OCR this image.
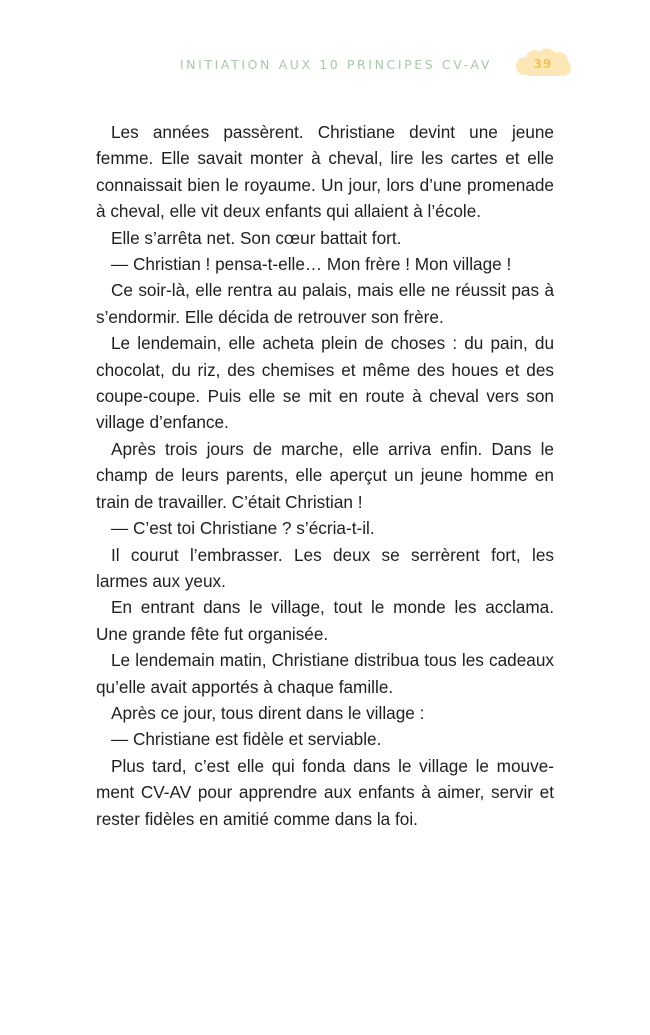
INITIATION AUX 10 PRINCIPES CV-AV	39

Les années passèrent. Christiane devint une jeune femme. Elle savait monter à cheval, lire les cartes et elle connaissait bien le royaume. Un jour, lors d’une promenade à cheval, elle vit deux enfants qui allaient à l’école.

Elle s’arrêta net. Son cœur battait fort.

— Christian ! pensa-t-elle… Mon frère ! Mon village !

Ce soir-là, elle rentra au palais, mais elle ne réussit pas à s’endormir. Elle décida de retrouver son frère.

Le lendemain, elle acheta plein de choses : du pain, du chocolat, du riz, des chemises et même des houes et des coupe-coupe. Puis elle se mit en route à cheval vers son village d’enfance.

Après trois jours de marche, elle arriva enfin. Dans le champ de leurs parents, elle aperçut un jeune homme en train de travailler. C’était Christian !

— C’est toi Christiane ? s’écria-t-il.

Il courut l’embrasser. Les deux se serrèrent fort, les larmes aux yeux.

En entrant dans le village, tout le monde les acclama. Une grande fête fut organisée.

Le lendemain matin, Christiane distribua tous les cadeaux qu’elle avait apportés à chaque famille.

Après ce jour, tous dirent dans le village :

— Christiane est fidèle et serviable.

Plus tard, c’est elle qui fonda dans le village le mouvement CV-AV pour apprendre aux enfants à aimer, servir et rester fidèles en amitié comme dans la foi.
